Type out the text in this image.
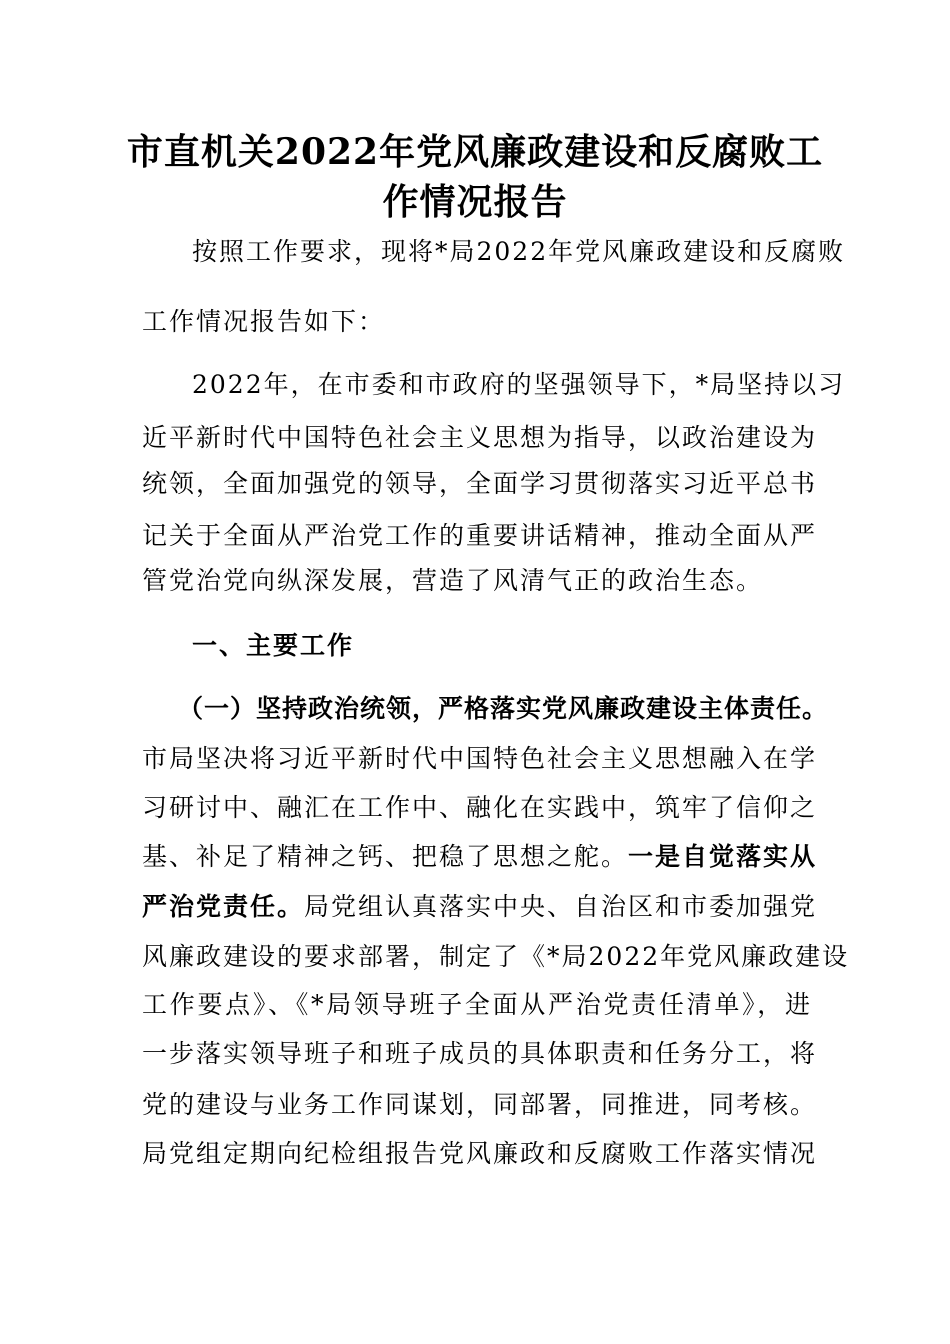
市直机关2022年党风廉政建设和反腐败工
作情况报告
按照工作要求，现将*局2022年党风廉政建设和反腐败
工作情况报告如下：
2022年，在市委和市政府的坚强领导下，*局坚持以习
近平新时代中国特色社会主义思想为指导，以政治建设为
统领，全面加强党的领导，全面学习贯彻落实习近平总书
记关于全面从严治党工作的重要讲话精神，推动全面从严
管党治党向纵深发展，营造了风清气正的政治生态。
一、主要工作
（一）坚持政治统领，严格落实党风廉政建设主体责任。
市局坚决将习近平新时代中国特色社会主义思想融入在学
习研讨中、融汇在工作中、融化在实践中，筑牢了信仰之
基、补足了精神之钙、把稳了思想之舵。一是自觉落实从
严治党责任。局党组认真落实中央、自治区和市委加强党
风廉政建设的要求部署，制定了《*局2022年党风廉政建设
工作要点》、《*局领导班子全面从严治党责任清单》，进
一步落实领导班子和班子成员的具体职责和任务分工，将
党的建设与业务工作同谋划，同部署，同推进，同考核。
局党组定期向纪检组报告党风廉政和反腐败工作落实情况
